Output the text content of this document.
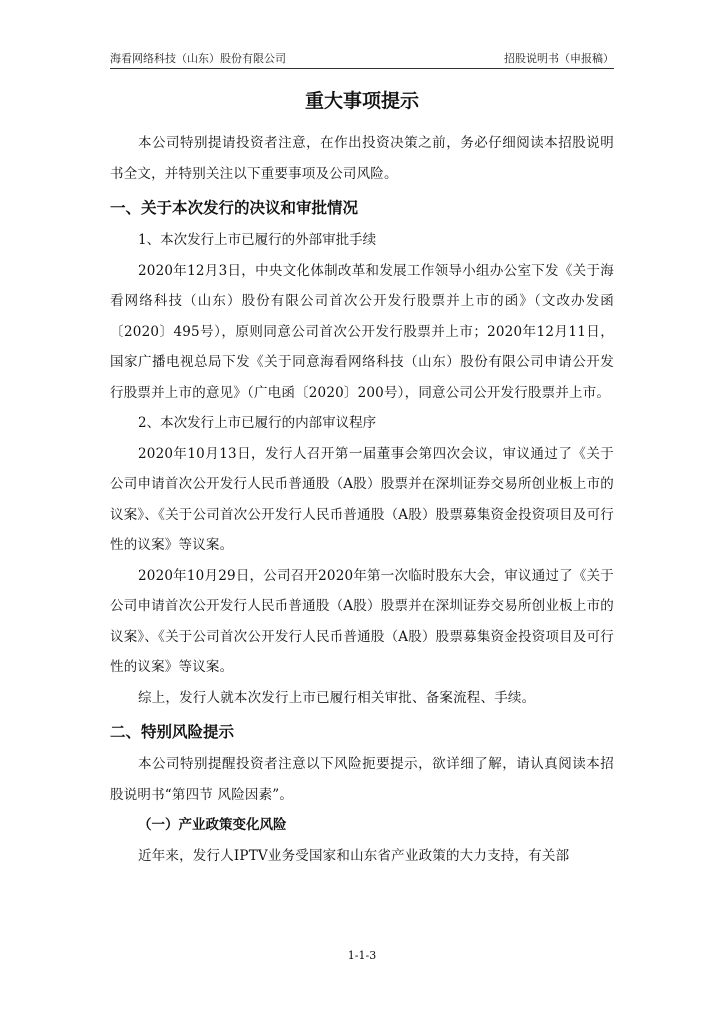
海看网络科技（山东）股份有限公司	招股说明书（申报稿）
重大事项提示

本公司特别提请投资者注意，在作出投资决策之前，务必仔细阅读本招股说明书全文，并特别关注以下重要事项及公司风险。

一、关于本次发行的决议和审批情况

1、本次发行上市已履行的外部审批手续

2020年12月3日，中央文化体制改革和发展工作领导小组办公室下发《关于海看网络科技（山东）股份有限公司首次公开发行股票并上市的函》（文改办发函〔2020〕495号），原则同意公司首次公开发行股票并上市；2020年12月11日，国家广播电视总局下发《关于同意海看网络科技（山东）股份有限公司申请公开发行股票并上市的意见》（广电函〔2020〕200号），同意公司公开发行股票并上市。

2、本次发行上市已履行的内部审议程序

2020年10月13日，发行人召开第一届董事会第四次会议，审议通过了《关于公司申请首次公开发行人民币普通股（A股）股票并在深圳证券交易所创业板上市的议案》、《关于公司首次公开发行人民币普通股（A股）股票募集资金投资项目及可行性的议案》等议案。

2020年10月29日，公司召开2020年第一次临时股东大会，审议通过了《关于公司申请首次公开发行人民币普通股（A股）股票并在深圳证券交易所创业板上市的议案》、《关于公司首次公开发行人民币普通股（A股）股票募集资金投资项目及可行性的议案》等议案。

综上，发行人就本次发行上市已履行相关审批、备案流程、手续。

二、特别风险提示

本公司特别提醒投资者注意以下风险扼要提示，欲详细了解，请认真阅读本招股说明书“第四节 风险因素”。

（一）产业政策变化风险

近年来，发行人IPTV业务受国家和山东省产业政策的大力支持，有关部

1-1-3
